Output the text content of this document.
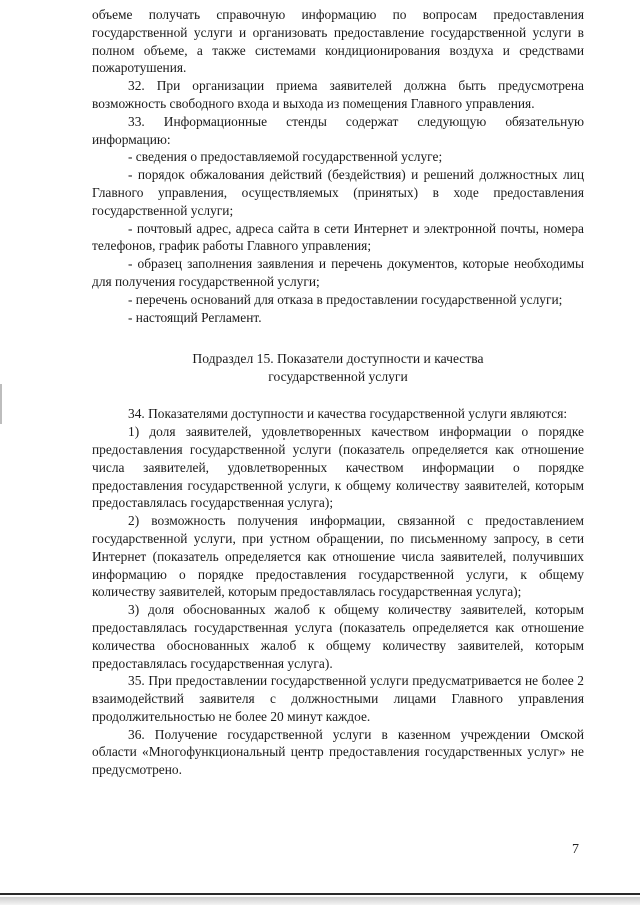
объеме получать справочную информацию по вопросам предоставления государственной услуги и организовать предоставление государственной услуги в полном объеме, а также системами кондиционирования воздуха и средствами пожаротушения.

32. При организации приема заявителей должна быть предусмотрена возможность свободного входа и выхода из помещения Главного управления.

33. Информационные стенды содержат следующую обязательную информацию:

- сведения о предоставляемой государственной услуге;

- порядок обжалования действий (бездействия) и решений должностных лиц Главного управления, осуществляемых (принятых) в ходе предоставления государственной услуги;

- почтовый адрес, адреса сайта в сети Интернет и электронной почты, номера телефонов, график работы Главного управления;

- образец заполнения заявления и перечень документов, которые необходимы для получения государственной услуги;

- перечень оснований для отказа в предоставлении государственной услуги;

- настоящий Регламент.

Подраздел 15. Показатели доступности и качества
государственной услуги

34. Показателями доступности и качества государственной услуги являются:

1) доля заявителей, удовлетворенных качеством информации о порядке предоставления государственной услуги (показатель определяется как отношение числа заявителей, удовлетворенных качеством информации о порядке предоставления государственной услуги, к общему количеству заявителей, которым предоставлялась государственная услуга);

2) возможность получения информации, связанной с предоставлением государственной услуги, при устном обращении, по письменному запросу, в сети Интернет (показатель определяется как отношение числа заявителей, получивших информацию о порядке предоставления государственной услуги, к общему количеству заявителей, которым предоставлялась государственная услуга);

3) доля обоснованных жалоб к общему количеству заявителей, которым предоставлялась государственная услуга (показатель определяется как отношение количества обоснованных жалоб к общему количеству заявителей, которым предоставлялась государственная услуга).

35. При предоставлении государственной услуги предусматривается не более 2 взаимодействий заявителя с должностными лицами Главного управления продолжительностью не более 20 минут каждое.

36. Получение государственной услуги в казенном учреждении Омской области «Многофункциональный центр предоставления государственных услуг» не предусмотрено.

7
